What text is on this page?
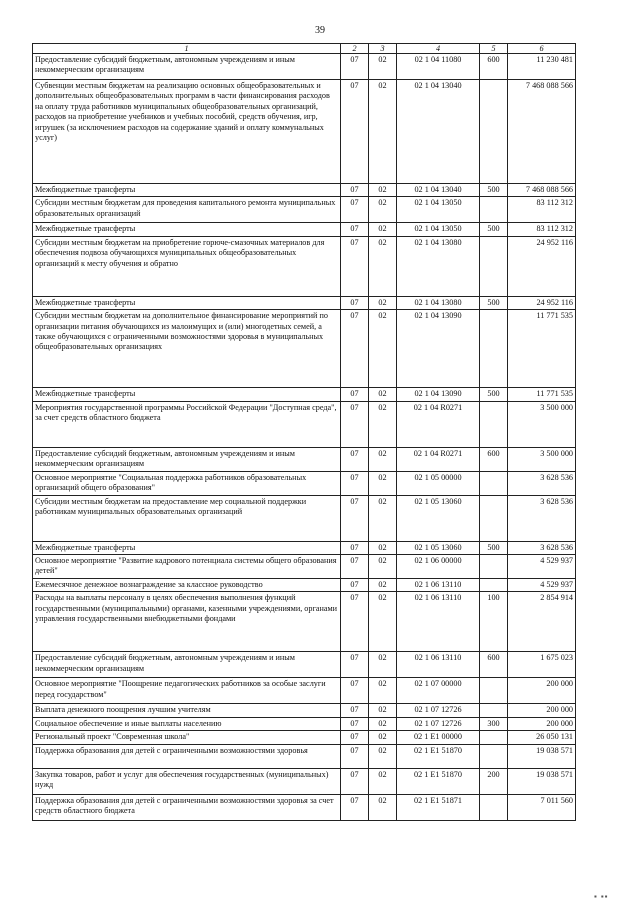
39
1	2	3	4	5	6
Предоставление субсидий бюджетным, автономным учреждениям и иным некоммерческим организациям	07	02	02 1 04 11080	600	11 230 481
Субвенции местным бюджетам на реализацию основных общеобразовательных и дополнительных общеобразовательных программ в части финансирования расходов на оплату труда работников муниципальных общеобразовательных организаций, расходов на приобретение учебников и учебных пособий, средств обучения, игр, игрушек (за исключением расходов на содержание зданий и оплату коммунальных услуг)	07	02	02 1 04 13040		7 468 088 566
Межбюджетные трансферты	07	02	02 1 04 13040	500	7 468 088 566
Субсидии местным бюджетам для проведения капитального ремонта муниципальных образовательных организаций	07	02	02 1 04 13050		83 112 312
Межбюджетные трансферты	07	02	02 1 04 13050	500	83 112 312
Субсидии местным бюджетам на приобретение горюче-смазочных материалов для обеспечения подвоза обучающихся муниципальных общеобразовательных организаций к месту обучения и обратно	07	02	02 1 04 13080		24 952 116
Межбюджетные трансферты	07	02	02 1 04 13080	500	24 952 116
Субсидии местным бюджетам на дополнительное финансирование мероприятий по организации питания обучающихся из малоимущих и (или) многодетных семей, а также обучающихся с ограниченными возможностями здоровья в муниципальных общеобразовательных организациях	07	02	02 1 04 13090		11 771 535
Межбюджетные трансферты	07	02	02 1 04 13090	500	11 771 535
Мероприятия государственной программы Российской Федерации "Доступная среда", за счет средств областного бюджета	07	02	02 1 04 R0271		3 500 000
Предоставление субсидий бюджетным, автономным учреждениям и иным некоммерческим организациям	07	02	02 1 04 R0271	600	3 500 000
Основное мероприятие "Социальная поддержка работников образовательных организаций общего образования"	07	02	02 1 05 00000		3 628 536
Субсидии местным бюджетам на предоставление мер социальной поддержки работникам муниципальных образовательных организаций	07	02	02 1 05 13060		3 628 536
Межбюджетные трансферты	07	02	02 1 05 13060	500	3 628 536
Основное мероприятие "Развитие кадрового потенциала системы общего образования детей"	07	02	02 1 06 00000		4 529 937
Ежемесячное денежное вознаграждение за классное руководство	07	02	02 1 06 13110		4 529 937
Расходы на выплаты персоналу в целях обеспечения выполнения функций государственными (муниципальными) органами, казенными учреждениями, органами управления государственными внебюджетными фондами	07	02	02 1 06 13110	100	2 854 914
Предоставление субсидий бюджетным, автономным учреждениям и иным некоммерческим организациям	07	02	02 1 06 13110	600	1 675 023
Основное мероприятие "Поощрение педагогических работников за особые заслуги перед государством"	07	02	02 1 07 00000		200 000
Выплата денежного поощрения лучшим учителям	07	02	02 1 07 12726		200 000
Социальное обеспечение и иные выплаты населению	07	02	02 1 07 12726	300	200 000
Региональный проект "Современная школа"	07	02	02 1 E1 00000		26 050 131
Поддержка образования для детей с ограниченными возможностями здоровья	07	02	02 1 E1 51870		19 038 571
Закупка товаров, работ и услуг для обеспечения государственных (муниципальных) нужд	07	02	02 1 E1 51870	200	19 038 571
Поддержка образования для детей с ограниченными возможностями здоровья за счет средств областного бюджета	07	02	02 1 E1 51871		7 011 560
▪ ▪▪
